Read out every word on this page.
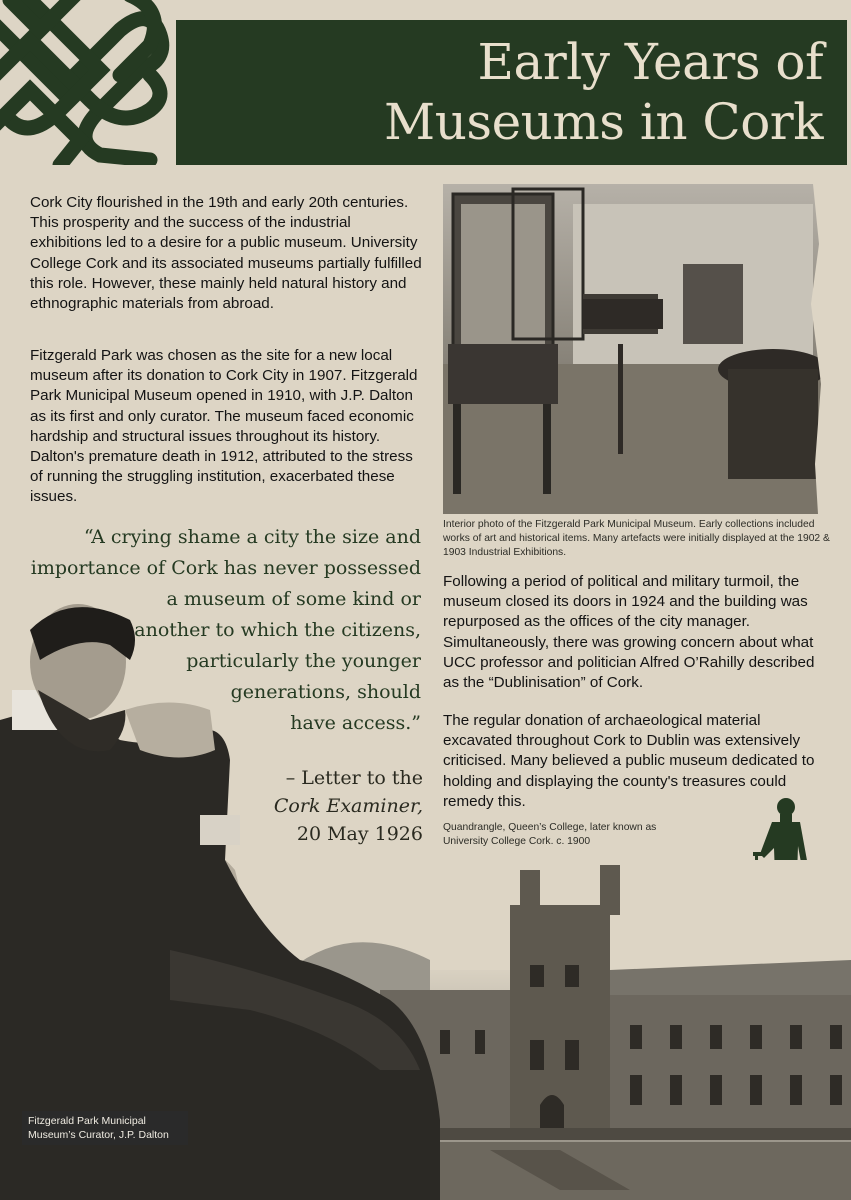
Early Years of
Museums in Cork

Cork City flourished in the 19th and early 20th centuries. This prosperity and the success of the industrial exhibitions led to a desire for a public museum. University College Cork and its associated museums partially fulfilled this role. However, these mainly held natural history and ethnographic materials from abroad.

Fitzgerald Park was chosen as the site for a new local museum after its donation to Cork City in 1907. Fitzgerald Park Municipal Museum opened in 1910, with J.P. Dalton as its first and only curator. The museum faced economic hardship and structural issues throughout its history. Dalton's premature death in 1912, attributed to the stress of running the struggling institution, exacerbated these issues.

Interior photo of the Fitzgerald Park Municipal Museum. Early collections included works of art and historical items. Many artefacts were initially displayed at the 1902 & 1903 Industrial Exhibitions.

Following a period of political and military turmoil, the museum closed its doors in 1924 and the building was repurposed as the offices of the city manager. Simultaneously, there was growing concern about what UCC professor and politician Alfred O’Rahilly described as the “Dublinisation” of Cork.

The regular donation of archaeological material excavated throughout Cork to Dublin was extensively criticised. Many believed a public museum dedicated to holding and displaying the county's treasures could remedy this.

Quandrangle, Queen’s College, later known as
University College Cork. c. 1900
“A crying shame a city the size and
importance of Cork has never possessed
a museum of some kind or
another to which the citizens,
particularly the younger
generations, should
have access.”
– Letter to the
Cork Examiner,
20 May 1926
Fitzgerald Park Municipal
Museum’s Curator, J.P. Dalton
